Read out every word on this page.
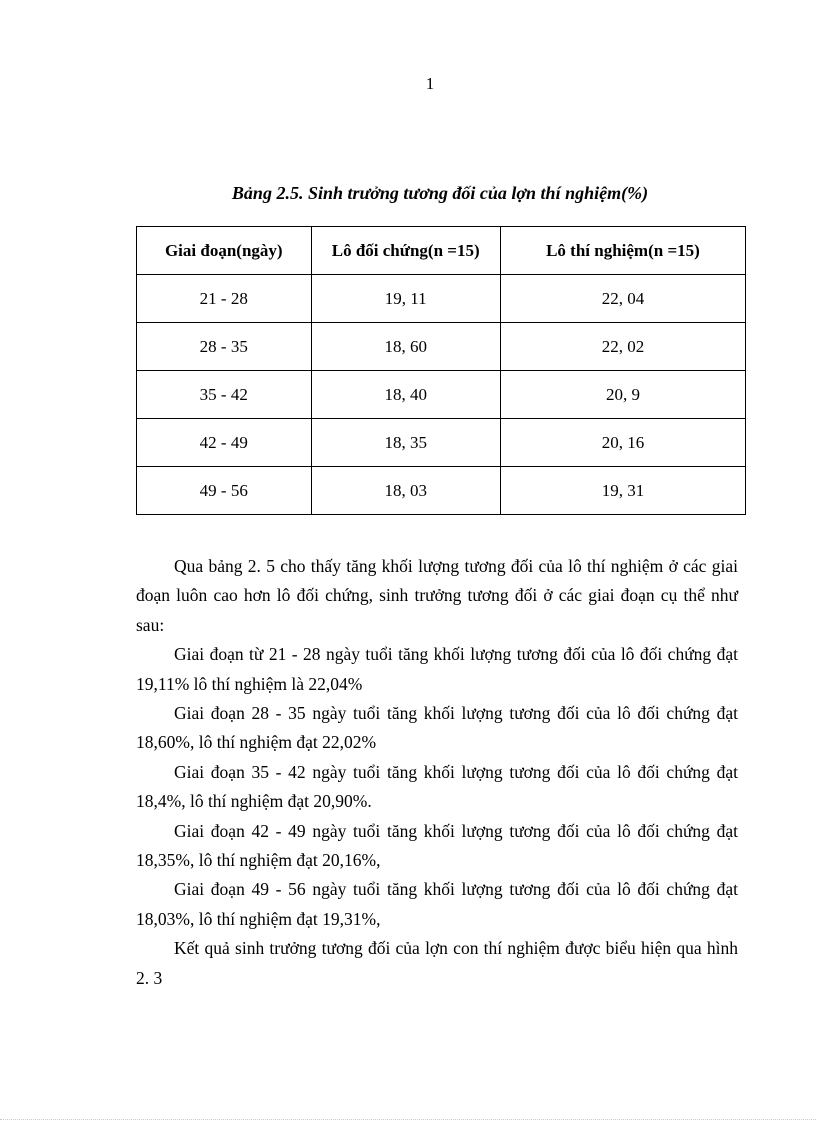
1
Bảng 2.5. Sinh trưởng tương đối của lợn thí nghiệm(%)
Giai đoạn(ngày)	Lô đối chứng(n =15)	Lô thí nghiệm(n =15)
21 - 28	19, 11	22, 04
28 - 35	18, 60	22, 02
35 - 42	18, 40	20, 9
42 - 49	18, 35	20, 16
49 - 56	18, 03	19, 31

Qua bảng 2. 5 cho thấy tăng khối lượng tương đối của lô thí nghiệm ở các giai đoạn luôn cao hơn lô đối chứng, sinh trưởng tương đối ở các giai đoạn cụ thể như sau:

Giai đoạn từ 21 - 28 ngày tuổi tăng khối lượng tương đối của lô đối chứng đạt 19,11% lô thí nghiệm là 22,04%

Giai đoạn 28 - 35 ngày tuổi tăng khối lượng tương đối của lô đối chứng đạt 18,60%, lô thí nghiệm đạt 22,02%

Giai đoạn 35 - 42 ngày tuổi tăng khối lượng tương đối của lô đối chứng đạt 18,4%, lô thí nghiệm đạt 20,90%.

Giai đoạn 42 - 49 ngày tuổi tăng khối lượng tương đối của lô đối chứng đạt 18,35%, lô thí nghiệm đạt 20,16%,

Giai đoạn 49 - 56 ngày tuổi tăng khối lượng tương đối của lô đối chứng đạt 18,03%, lô thí nghiệm đạt 19,31%,

Kết quả sinh trưởng tương đối của lợn con thí nghiệm được biểu hiện qua hình 2. 3
